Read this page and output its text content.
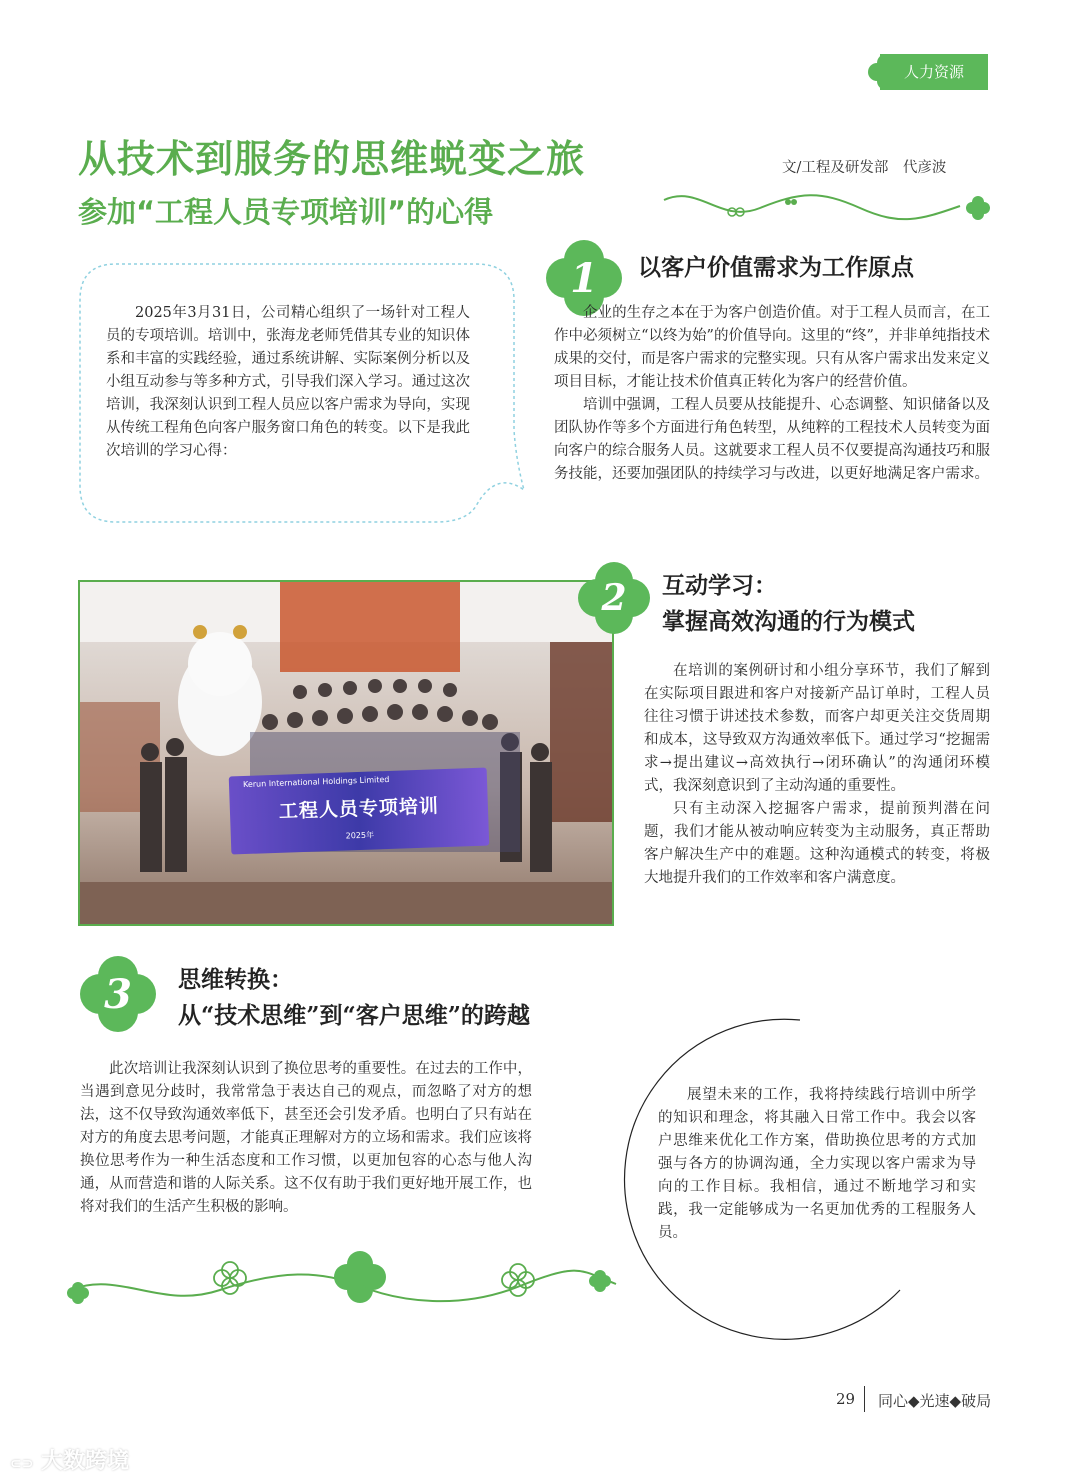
人力资源
从技术到服务的思维蜕变之旅
参加“工程人员专项培训”的心得
文/工程及研发部　代彦波

2025年3月31日，公司精心组织了一场针对工程人员的专项培训。培训中，张海龙老师凭借其专业的知识体系和丰富的实践经验，通过系统讲解、实际案例分析以及小组互动参与等多种方式，引导我们深入学习。通过这次培训，我深刻认识到工程人员应以客户需求为导向，实现从传统工程角色向客户服务窗口角色的转变。以下是我此次培训的学习心得：

1	以客户价值需求为工作原点

企业的生存之本在于为客户创造价值。对于工程人员而言，在工作中必须树立“以终为始”的价值导向。这里的“终”，并非单纯指技术成果的交付，而是客户需求的完整实现。只有从客户需求出发来定义项目目标，才能让技术价值真正转化为客户的经营价值。

培训中强调，工程人员要从技能提升、心态调整、知识储备以及团队协作等多个方面进行角色转型，从纯粹的工程技术人员转变为面向客户的综合服务人员。这就要求工程人员不仅要提高沟通技巧和服务技能，还要加强团队的持续学习与改进，以更好地满足客户需求。

Kerun International Holdings Limited
工程人员专项培训
2025年
2	互动学习：
掌握高效沟通的行为模式

在培训的案例研讨和小组分享环节，我们了解到在实际项目跟进和客户对接新产品订单时，工程人员往往习惯于讲述技术参数，而客户却更关注交货周期和成本，这导致双方沟通效率低下。通过学习“挖掘需求→提出建议→高效执行→闭环确认”的沟通闭环模式，我深刻意识到了主动沟通的重要性。

只有主动深入挖掘客户需求，提前预判潜在问题，我们才能从被动响应转变为主动服务，真正帮助客户解决生产中的难题。这种沟通模式的转变，将极大地提升我们的工作效率和客户满意度。

3	思维转换：
从“技术思维”到“客户思维”的跨越

此次培训让我深刻认识到了换位思考的重要性。在过去的工作中，当遇到意见分歧时，我常常急于表达自己的观点，而忽略了对方的想法，这不仅导致沟通效率低下，甚至还会引发矛盾。也明白了只有站在对方的角度去思考问题，才能真正理解对方的立场和需求。我们应该将换位思考作为一种生活态度和工作习惯，以更加包容的心态与他人沟通，从而营造和谐的人际关系。这不仅有助于我们更好地开展工作，也将对我们的生活产生积极的影响。

展望未来的工作，我将持续践行培训中所学的知识和理念，将其融入日常工作中。我会以客户思维来优化工作方案，借助换位思考的方式加强与各方的协调沟通，全力实现以客户需求为导向的工作目标。我相信，通过不断地学习和实践，我一定能够成为一名更加优秀的工程服务人员。

29 同心◆光速◆破局
⊂⊃ 大数跨境
